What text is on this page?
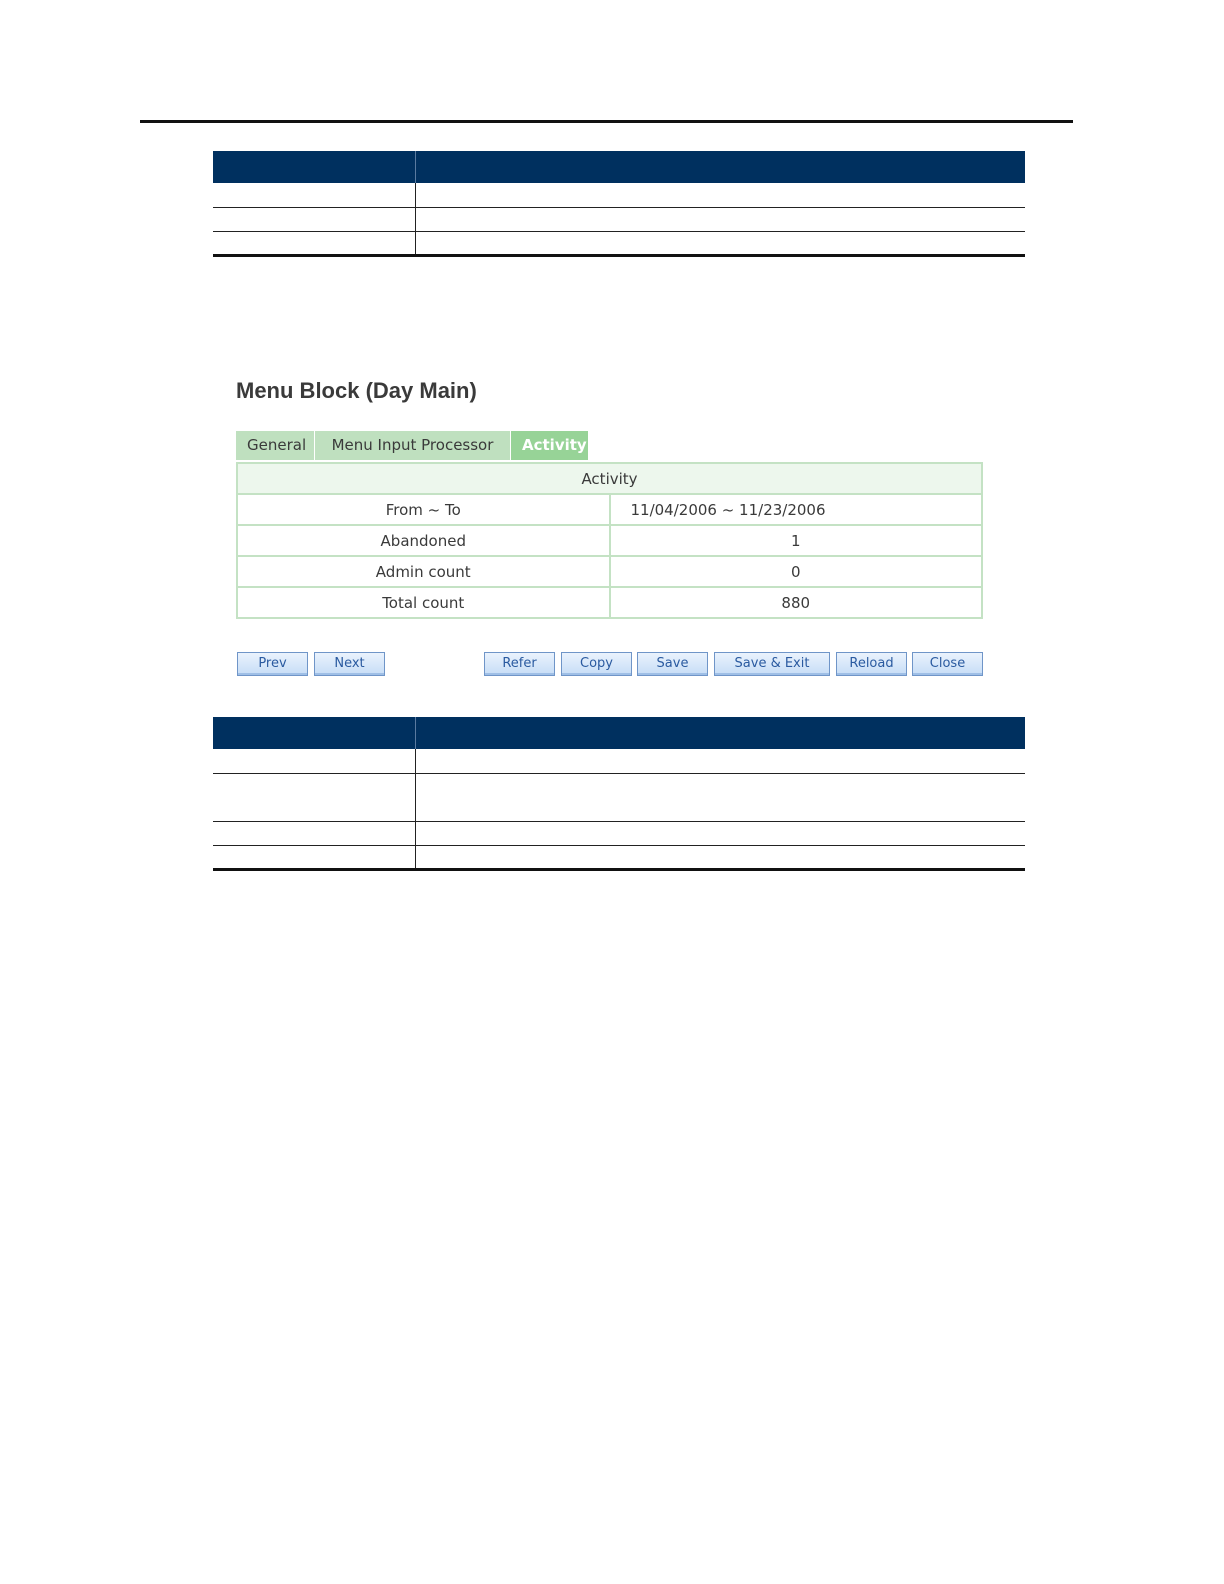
Menu Block (Day Main)
General	Menu Input Processor	Activity
Activity	
From ~ To	11/04/2006 ~ 11/23/2006
Abandoned	1
Admin count	0
Total count	880
Prev	Next	Refer	Copy	Save	Save & Exit	Reload	Close
